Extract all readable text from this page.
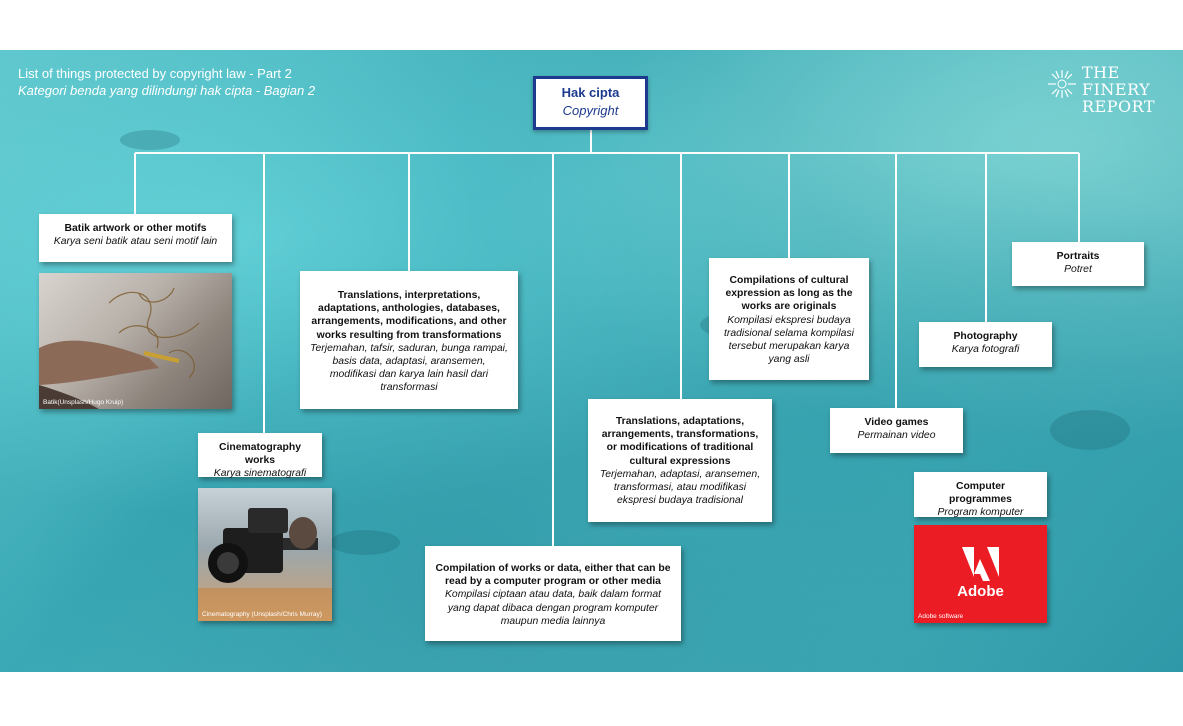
List of things protected by copyright law - Part 2
Kategori benda yang dilindungi hak cipta - Bagian 2
THE
FINERY
REPORT
Hak cipta
Copyright
Batik artwork or other motifs
Karya seni batik atau seni motif lain
Batik(Unsplash/Hugo Kruip)
Cinematography works
Karya sinematografi
Cinematography (Unsplash/Chris Murray)
Translations, interpretations, adaptations, anthologies, databases, arrangements, modifications, and other works resulting from transformations
Terjemahan, tafsir, saduran, bunga rampai, basis data, adaptasi, aransemen, modifikasi dan karya lain hasil dari transformasi
Compilation of works or data, either that can be read by a computer program or other media
Kompilasi ciptaan atau data, baik dalam format yang dapat dibaca dengan program komputer maupun media lainnya
Translations, adaptations, arrangements, transformations, or modifications of traditional cultural expressions
Terjemahan, adaptasi, aransemen, transformasi, atau modifikasi ekspresi budaya tradisional
Compilations of cultural expression as long as the works are originals
Kompilasi ekspresi budaya tradisional selama kompilasi tersebut merupakan karya yang asli
Video games
Permainan video
Computer programmes
Program komputer
Adobe
Adobe software
Photography
Karya fotografi
Portraits
Potret
